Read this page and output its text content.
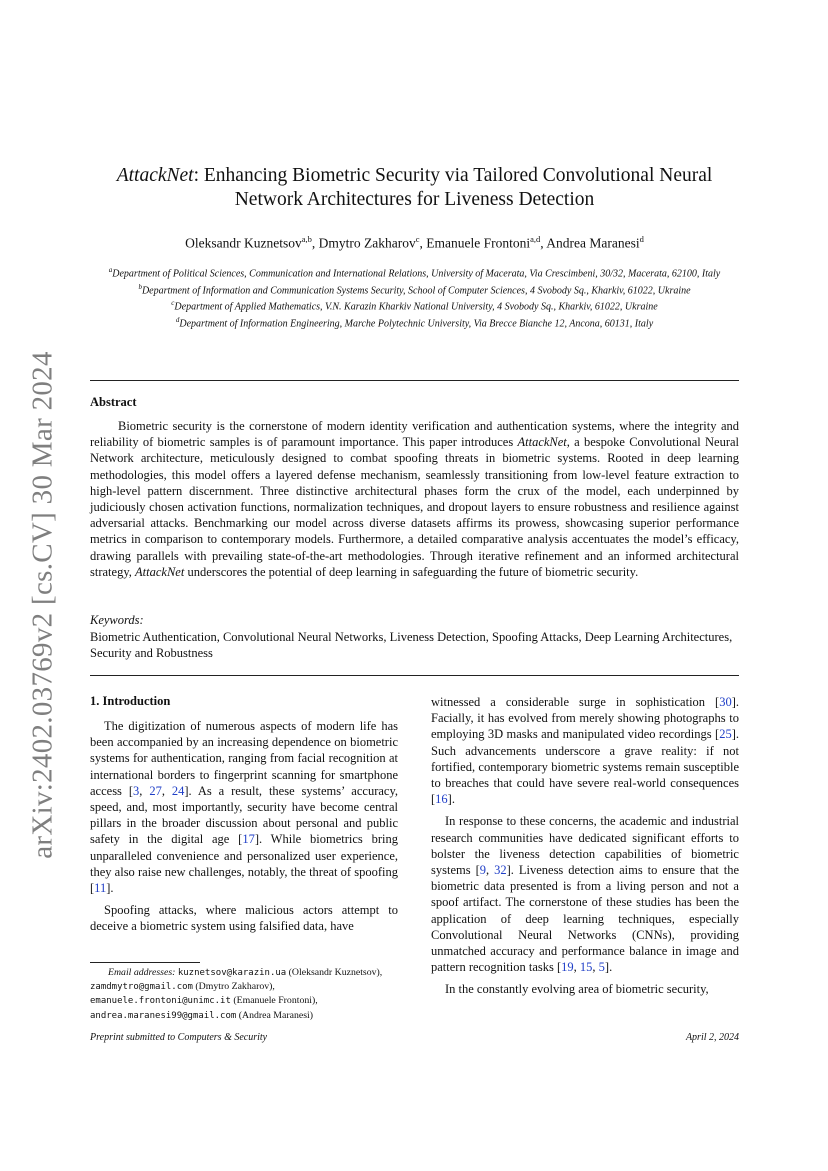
arXiv:2402.03769v2 [cs.CV] 30 Mar 2024
AttackNet: Enhancing Biometric Security via Tailored Convolutional Neural Network Architectures for Liveness Detection
Oleksandr Kuznetsov$^{a,b}$, Dmytro Zakharov$^c$, Emanuele Frontoni$^{a,d}$, Andrea Maranesi$^d$
$^a$Department of Political Sciences, Communication and International Relations, University of Macerata, Via Crescimbeni, 30/32, Macerata, 62100, Italy
$^b$Department of Information and Communication Systems Security, School of Computer Sciences, 4 Svobody Sq., Kharkiv, 61022, Ukraine
$^c$Department of Applied Mathematics, V.N. Karazin Kharkiv National University, 4 Svobody Sq., Kharkiv, 61022, Ukraine
$^d$Department of Information Engineering, Marche Polytechnic University, Via Brecce Bianche 12, Ancona, 60131, Italy
Abstract
Biometric security is the cornerstone of modern identity verification and authentication systems, where the integrity and reliability of biometric samples is of paramount importance. This paper introduces AttackNet, a bespoke Convolutional Neural Network architecture, meticulously designed to combat spoofing threats in biometric systems. Rooted in deep learning methodologies, this model offers a layered defense mechanism, seamlessly transitioning from low-level feature extraction to high-level pattern discernment. Three distinctive architectural phases form the crux of the model, each underpinned by judiciously chosen activation functions, normalization techniques, and dropout layers to ensure robustness and resilience against adversarial attacks. Benchmarking our model across diverse datasets affirms its prowess, showcasing superior performance metrics in comparison to contemporary models. Furthermore, a detailed comparative analysis accentuates the model’s efficacy, drawing parallels with prevailing state-of-the-art methodologies. Through iterative refinement and an informed architectural strategy, AttackNet underscores the potential of deep learning in safeguarding the future of biometric security.
Keywords:
Biometric Authentication, Convolutional Neural Networks, Liveness Detection, Spoofing Attacks, Deep Learning Architectures, Security and Robustness
1. Introduction

The digitization of numerous aspects of modern life has been accompanied by an increasing dependence on biometric systems for authentication, ranging from facial recognition at international borders to fingerprint scanning for smartphone access [3, 27, 24]. As a result, these systems’ accuracy, speed, and, most importantly, security have become central pillars in the broader discussion about personal and public safety in the digital age [17]. While biometrics bring unparalleled convenience and personalized user experience, they also raise new challenges, notably, the threat of spoofing [11].

Spoofing attacks, where malicious actors attempt to deceive a biometric system using falsified data, have

witnessed a considerable surge in sophistication [30]. Facially, it has evolved from merely showing photographs to employing 3D masks and manipulated video recordings [25]. Such advancements underscore a grave reality: if not fortified, contemporary biometric systems remain susceptible to breaches that could have severe real-world consequences [16].

In response to these concerns, the academic and industrial research communities have dedicated significant efforts to bolster the liveness detection capabilities of biometric systems [9, 32]. Liveness detection aims to ensure that the biometric data presented is from a living person and not a spoof artifact. The cornerstone of these studies has been the application of deep learning techniques, especially Convolutional Neural Networks (CNNs), providing unmatched accuracy and performance balance in image and pattern recognition tasks [19, 15, 5].

In the constantly evolving area of biometric security,

Email addresses: kuznetsov@karazin.ua (Oleksandr Kuznetsov), zamdmytro@gmail.com (Dmytro Zakharov), emanuele.frontoni@unimc.it (Emanuele Frontoni), andrea.maranesi99@gmail.com (Andrea Maranesi)

Preprint submitted to Computers & Security	April 2, 2024
